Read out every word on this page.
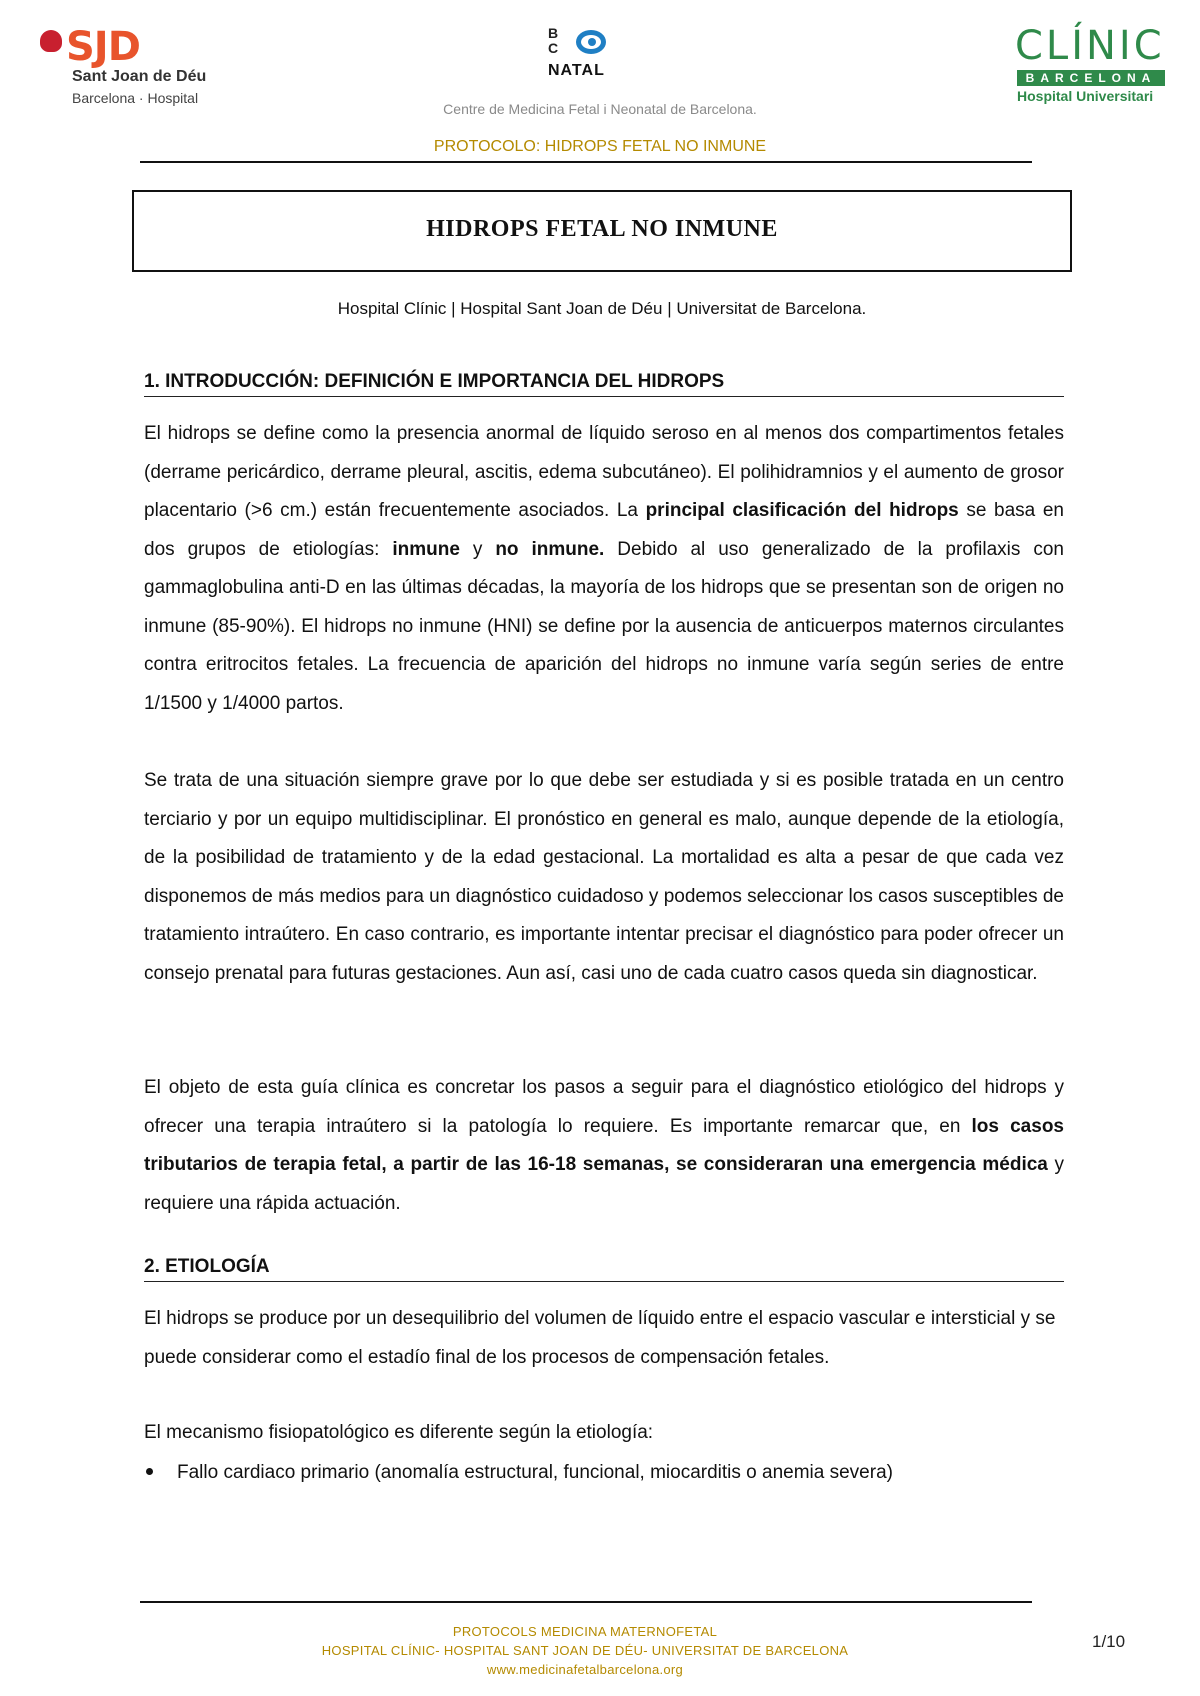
SJD
Sant Joan de Déu
Barcelona · Hospital
B
C
NATAL
Centre de Medicina Fetal i Neonatal de Barcelona.
CLÍNIC
BARCELONA
Hospital Universitari
PROTOCOLO: HIDROPS FETAL NO INMUNE
HIDROPS FETAL NO INMUNE
Hospital Clínic | Hospital Sant Joan de Déu | Universitat de Barcelona.
1. INTRODUCCIÓN: DEFINICIÓN E IMPORTANCIA DEL HIDROPS

El hidrops se define como la presencia anormal de líquido seroso en al menos dos compartimentos fetales (derrame pericárdico, derrame pleural, ascitis, edema subcutáneo). El polihidramnios y el aumento de grosor placentario (>6 cm.) están frecuentemente asociados. La principal clasificación del hidrops se basa en dos grupos de etiologías: inmune y no inmune. Debido al uso generalizado de la profilaxis con gammaglobulina anti-D en las últimas décadas, la mayoría de los hidrops que se presentan son de origen no inmune (85-90%). El hidrops no inmune (HNI) se define por la ausencia de anticuerpos maternos circulantes contra eritrocitos fetales. La frecuencia de aparición del hidrops no inmune varía según series de entre 1/1500 y 1/4000 partos.

Se trata de una situación siempre grave por lo que debe ser estudiada y si es posible tratada en un centro terciario y por un equipo multidisciplinar. El pronóstico en general es malo, aunque depende de la etiología, de la posibilidad de tratamiento y de la edad gestacional. La mortalidad es alta a pesar de que cada vez disponemos de más medios para un diagnóstico cuidadoso y podemos seleccionar los casos susceptibles de tratamiento intraútero. En caso contrario, es importante intentar precisar el diagnóstico para poder ofrecer un consejo prenatal para futuras gestaciones. Aun así, casi uno de cada cuatro casos queda sin diagnosticar.

El objeto de esta guía clínica es concretar los pasos a seguir para el diagnóstico etiológico del hidrops y ofrecer una terapia intraútero si la patología lo requiere. Es importante remarcar que, en los casos tributarios de terapia fetal, a partir de las 16-18 semanas, se consideraran una emergencia médica y requiere una rápida actuación.

2. ETIOLOGÍA

El hidrops se produce por un desequilibrio del volumen de líquido entre el espacio vascular e intersticial y se puede considerar como el estadío final de los procesos de compensación fetales.

El mecanismo fisiopatológico es diferente según la etiología:

Fallo cardiaco primario (anomalía estructural, funcional, miocarditis o anemia severa)
PROTOCOLS MEDICINA MATERNOFETAL
HOSPITAL CLÍNIC- HOSPITAL SANT JOAN DE DÉU- UNIVERSITAT DE BARCELONA
www.medicinafetalbarcelona.org
1/10
